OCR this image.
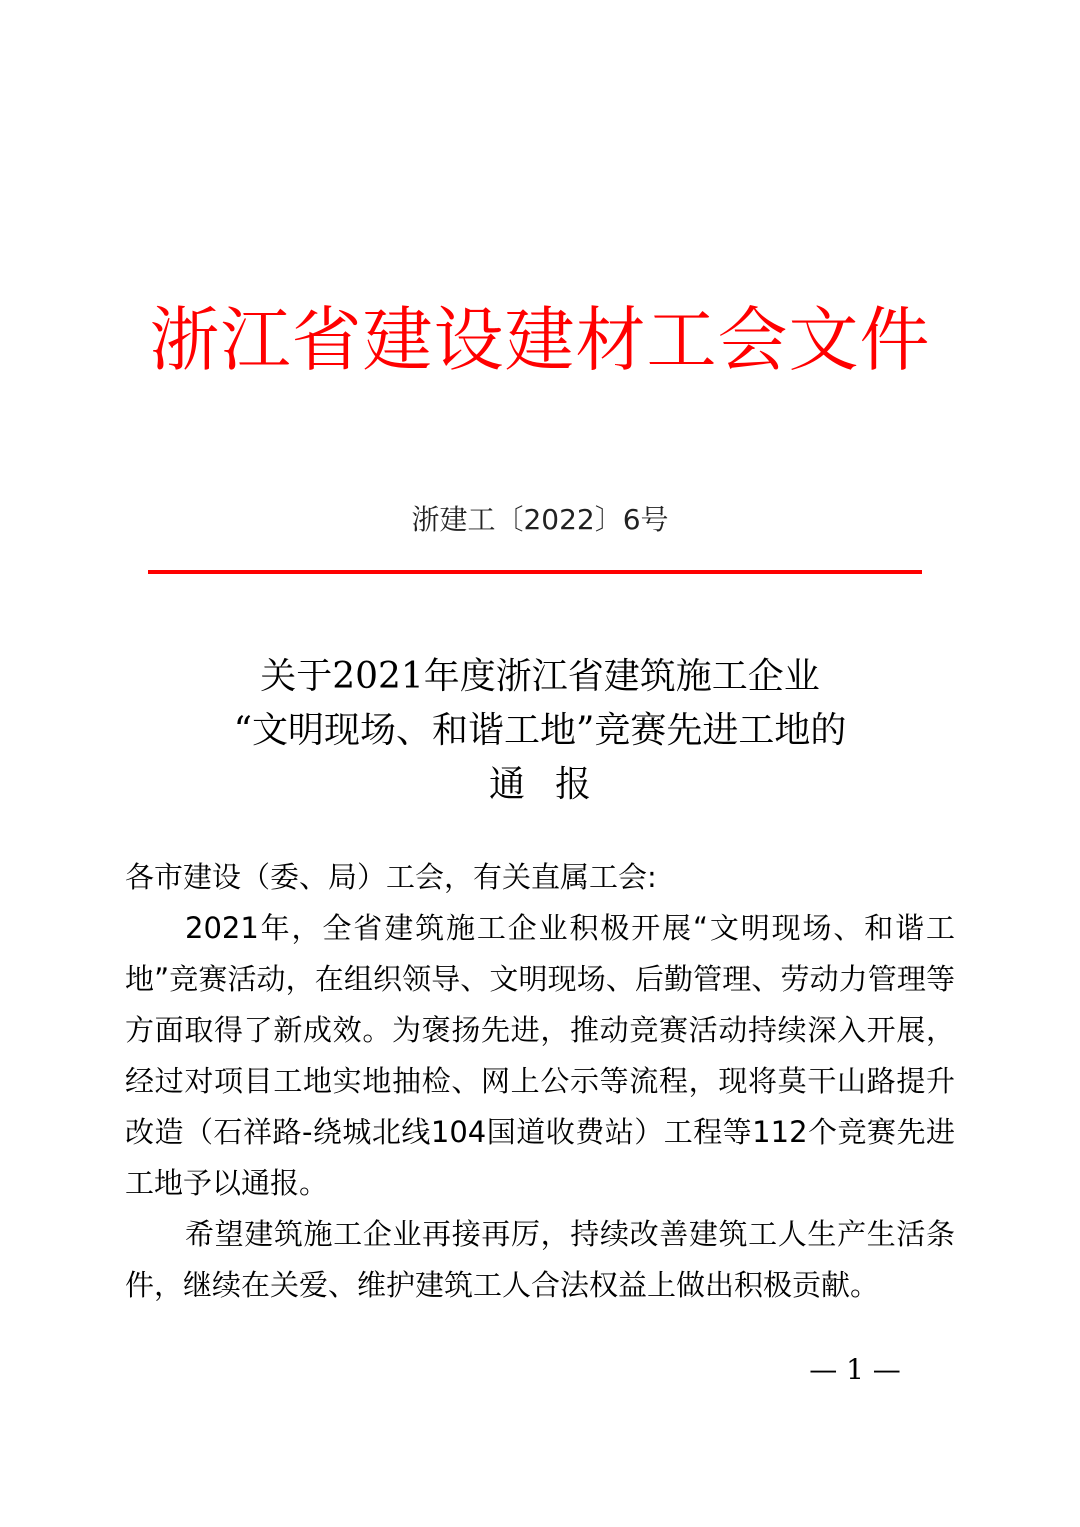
浙江省建设建材工会文件
浙建工〔2022〕6号
关于2021年度浙江省建筑施工企业
“文明现场、和谐工地”竞赛先进工地的
通报

各市建设（委、局）工会，有关直属工会:

2021年，全省建筑施工企业积极开展“文明现场、和谐工地”竞赛活动，在组织领导、文明现场、后勤管理、劳动力管理等方面取得了新成效。为褒扬先进，推动竞赛活动持续深入开展，经过对项目工地实地抽检、网上公示等流程，现将莫干山路提升改造（石祥路-绕城北线104国道收费站）工程等112个竞赛先进工地予以通报。

希望建筑施工企业再接再厉，持续改善建筑工人生产生活条件，继续在关爱、维护建筑工人合法权益上做出积极贡献。

— 1 —
